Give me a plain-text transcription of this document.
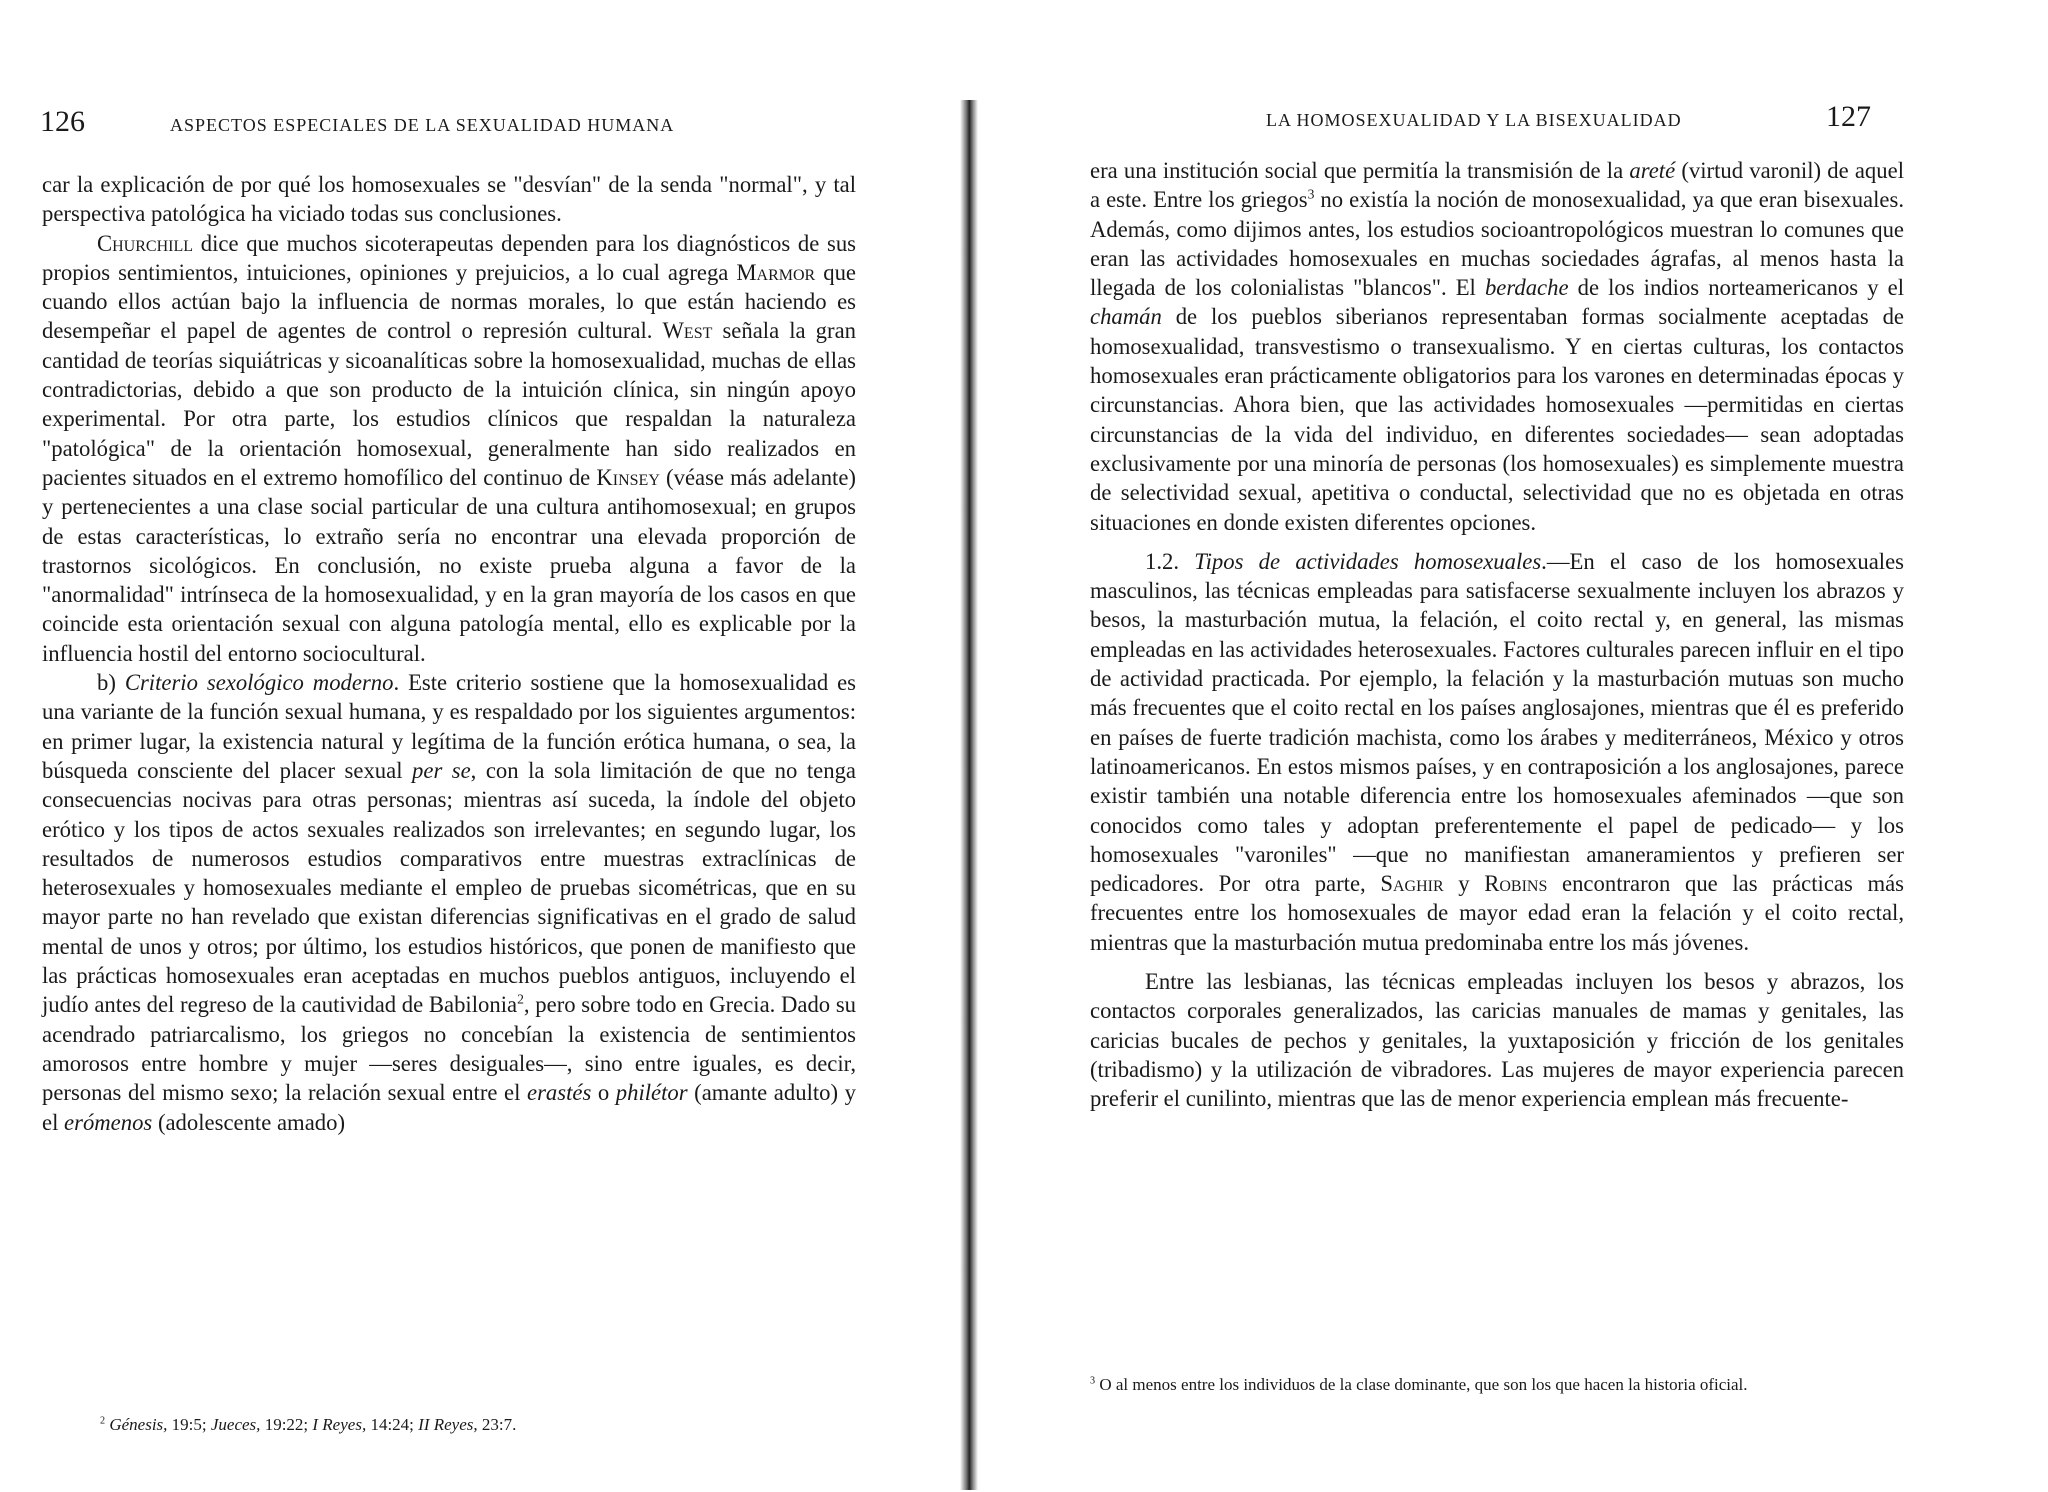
126	ASPECTOS ESPECIALES DE LA SEXUALIDAD HUMANA

car la explicación de por qué los homosexuales se "desvían" de la senda "normal", y tal perspectiva patológica ha viciado todas sus conclusiones.

Churchill dice que muchos sicoterapeutas dependen para los diagnósticos de sus propios sentimientos, intuiciones, opiniones y prejuicios, a lo cual agrega Marmor que cuando ellos actúan bajo la influencia de normas morales, lo que están haciendo es desempeñar el papel de agentes de control o represión cultural. West señala la gran cantidad de teorías siquiátricas y sicoanalíticas sobre la homosexualidad, muchas de ellas contradictorias, debido a que son producto de la intuición clínica, sin ningún apoyo experimental. Por otra parte, los estudios clínicos que respaldan la naturaleza "patológica" de la orientación homosexual, generalmente han sido realizados en pacientes situados en el extremo homofílico del continuo de Kinsey (véase más adelante) y pertenecientes a una clase social particular de una cultura antihomosexual; en grupos de estas características, lo extraño sería no encontrar una elevada proporción de trastornos sicológicos. En conclusión, no existe prueba alguna a favor de la "anormalidad" intrínseca de la homosexualidad, y en la gran mayoría de los casos en que coincide esta orientación sexual con alguna patología mental, ello es explicable por la influencia hostil del entorno sociocultural.

b) Criterio sexológico moderno. Este criterio sostiene que la homosexualidad es una variante de la función sexual humana, y es respaldado por los siguientes argumentos: en primer lugar, la existencia natural y legítima de la función erótica humana, o sea, la búsqueda consciente del placer sexual per se, con la sola limitación de que no tenga consecuencias nocivas para otras personas; mientras así suceda, la índole del objeto erótico y los tipos de actos sexuales realizados son irrelevantes; en segundo lugar, los resultados de numerosos estudios comparativos entre muestras extraclínicas de heterosexuales y homosexuales mediante el empleo de pruebas sicométricas, que en su mayor parte no han revelado que existan diferencias significativas en el grado de salud mental de unos y otros; por último, los estudios históricos, que ponen de manifiesto que las prácticas homosexuales eran aceptadas en muchos pueblos antiguos, incluyendo el judío antes del regreso de la cautividad de Babilonia$^2$, pero sobre todo en Grecia. Dado su acendrado patriarcalismo, los griegos no concebían la existencia de sentimientos amorosos entre hombre y mujer —seres desiguales—, sino entre iguales, es decir, personas del mismo sexo; la relación sexual entre el erastés o philétor (amante adulto) y el erómenos (adolescente amado)

$^2$ Génesis, 19:5; Jueces, 19:22; I Reyes, 14:24; II Reyes, 23:7.
LA HOMOSEXUALIDAD Y LA BISEXUALIDAD	127

era una institución social que permitía la transmisión de la areté (virtud varonil) de aquel a este. Entre los griegos$^3$ no existía la noción de monosexualidad, ya que eran bisexuales. Además, como dijimos antes, los estudios socioantropológicos muestran lo comunes que eran las actividades homosexuales en muchas sociedades ágrafas, al menos hasta la llegada de los colonialistas "blancos". El berdache de los indios norteamericanos y el chamán de los pueblos siberianos representaban formas socialmente aceptadas de homosexualidad, transvestismo o transexualismo. Y en ciertas culturas, los contactos homosexuales eran prácticamente obligatorios para los varones en determinadas épocas y circunstancias. Ahora bien, que las actividades homosexuales —permitidas en ciertas circunstancias de la vida del individuo, en diferentes sociedades— sean adoptadas exclusivamente por una minoría de personas (los homosexuales) es simplemente muestra de selectividad sexual, apetitiva o conductal, selectividad que no es objetada en otras situaciones en donde existen diferentes opciones.

1.2. Tipos de actividades homosexuales.—En el caso de los homosexuales masculinos, las técnicas empleadas para satisfacerse sexualmente incluyen los abrazos y besos, la masturbación mutua, la felación, el coito rectal y, en general, las mismas empleadas en las actividades heterosexuales. Factores culturales parecen influir en el tipo de actividad practicada. Por ejemplo, la felación y la masturbación mutuas son mucho más frecuentes que el coito rectal en los países anglosajones, mientras que él es preferido en países de fuerte tradición machista, como los árabes y mediterráneos, México y otros latinoamericanos. En estos mismos países, y en contraposición a los anglosajones, parece existir también una notable diferencia entre los homosexuales afeminados —que son conocidos como tales y adoptan preferentemente el papel de pedicado— y los homosexuales "varoniles" —que no manifiestan amaneramientos y prefieren ser pedicadores. Por otra parte, Saghir y Robins encontraron que las prácticas más frecuentes entre los homosexuales de mayor edad eran la felación y el coito rectal, mientras que la masturbación mutua predominaba entre los más jóvenes.

Entre las lesbianas, las técnicas empleadas incluyen los besos y abrazos, los contactos corporales generalizados, las caricias manuales de mamas y genitales, las caricias bucales de pechos y genitales, la yuxtaposición y fricción de los genitales (tribadismo) y la utilización de vibradores. Las mujeres de mayor experiencia parecen preferir el cunilinto, mientras que las de menor experiencia emplean más frecuente-

$^3$ O al menos entre los individuos de la clase dominante, que son los que hacen la historia oficial.
